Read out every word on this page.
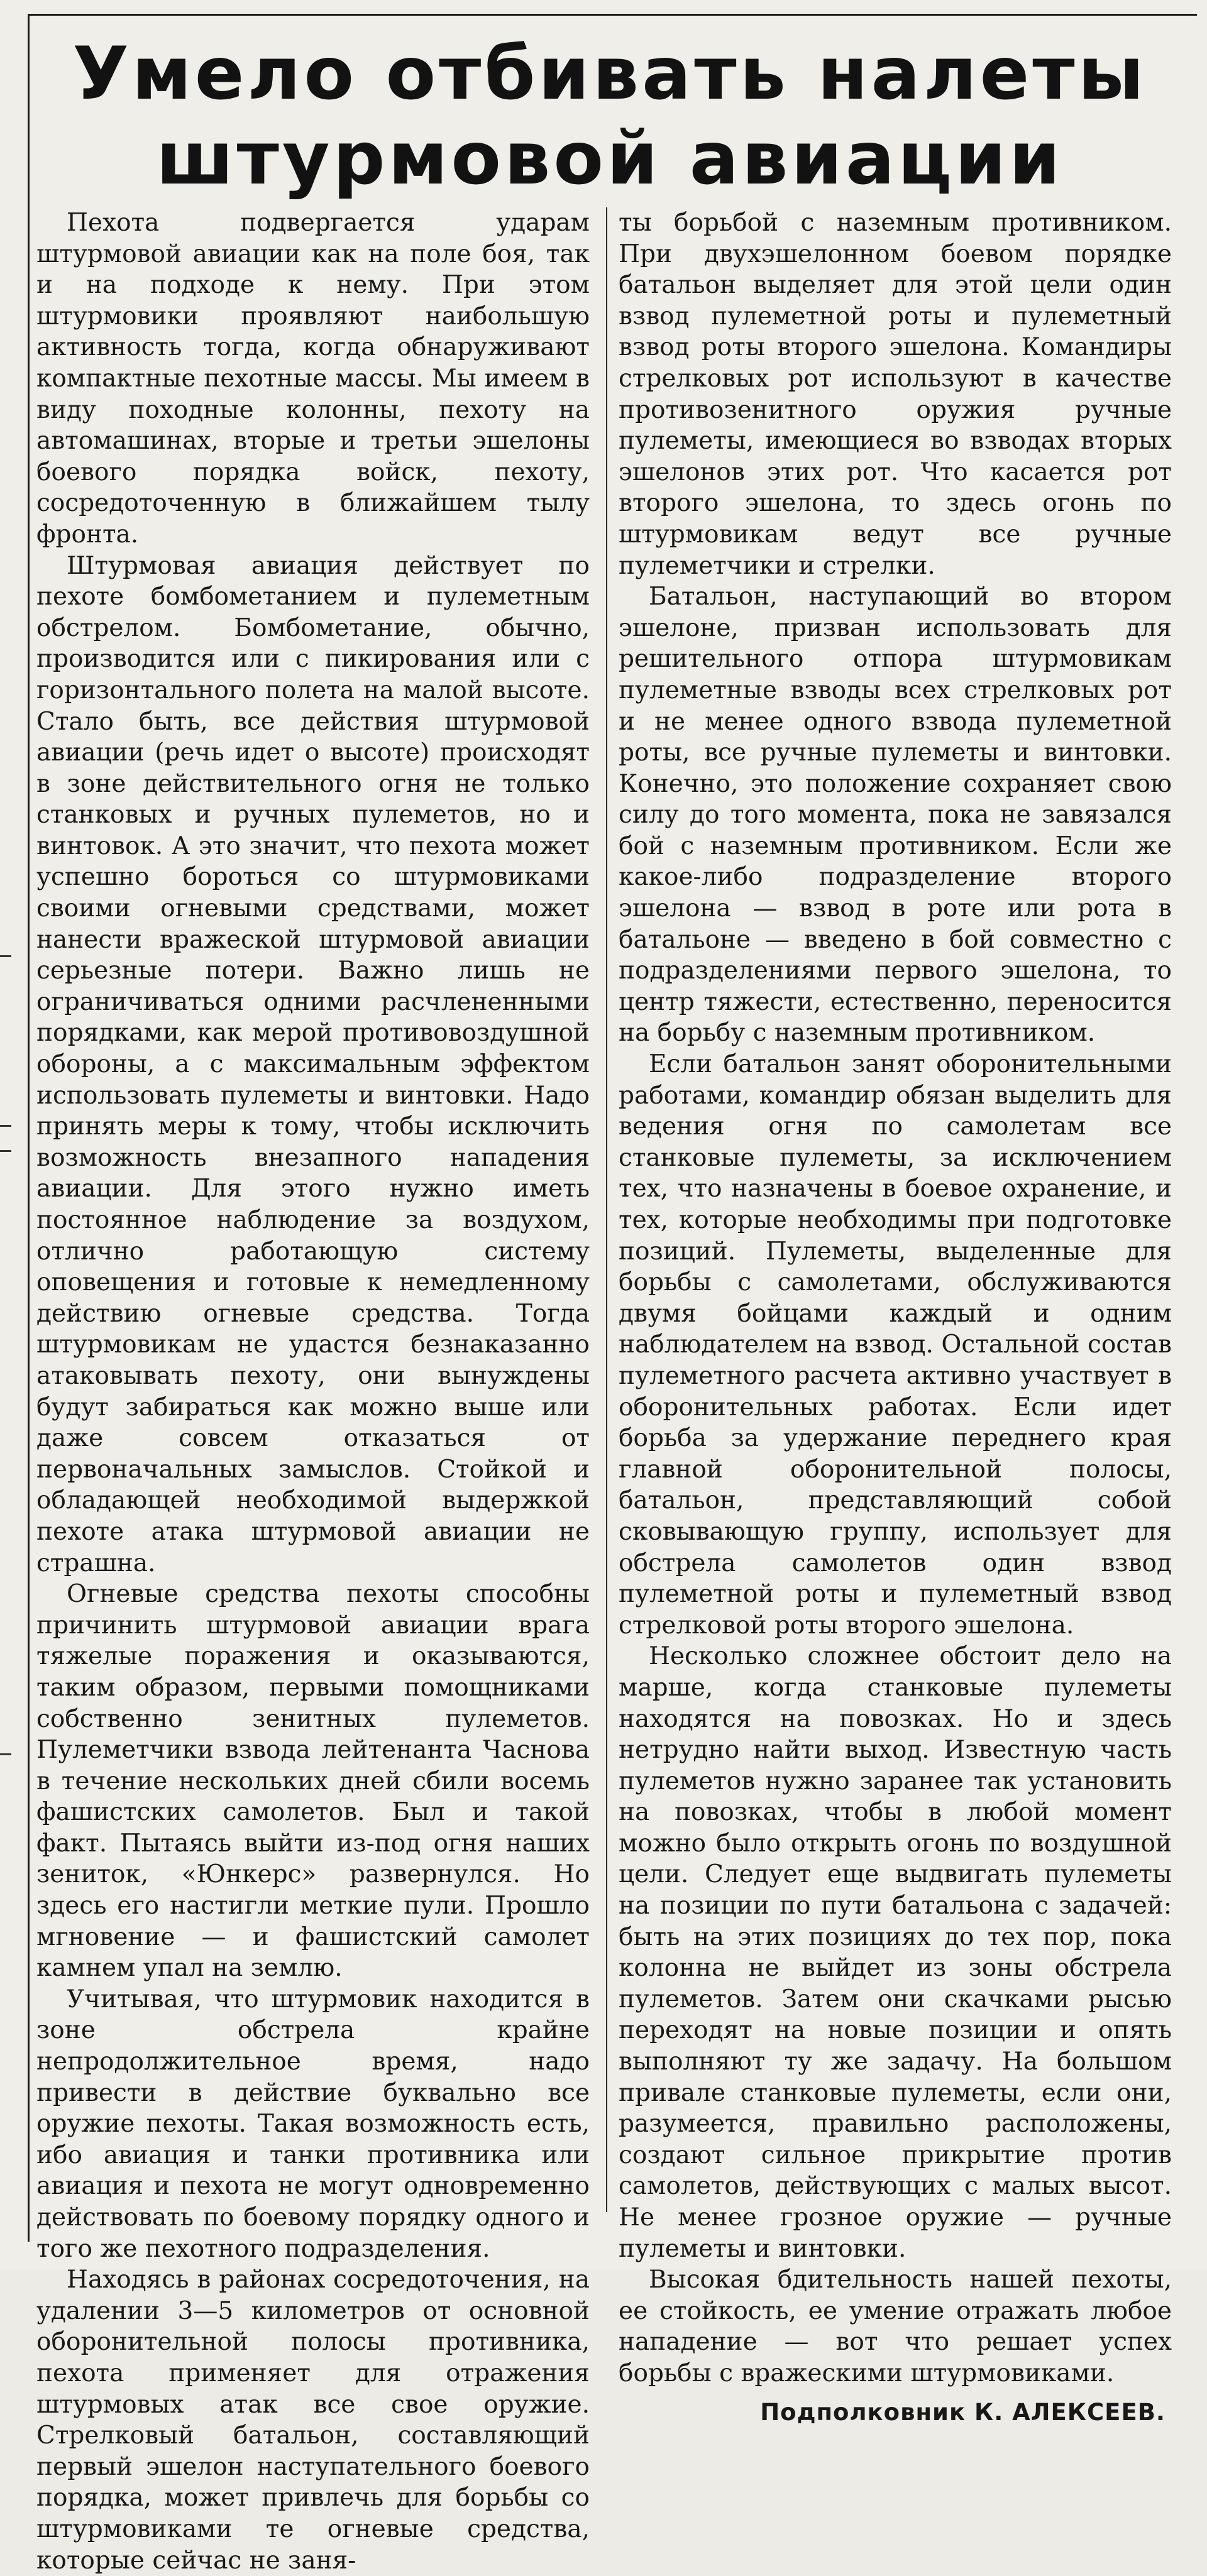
Умело отбивать налеты штурмовой авиации

Пехота подвергается ударам штурмовой авиации как на поле боя, так и на подходе к нему. При этом штурмовики проявляют наибольшую активность тогда, когда обнаруживают компактные пехотные массы. Мы имеем в виду походные колонны, пехоту на автомашинах, вторые и третьи эшелоны боевого порядка войск, пехоту, сосредоточенную в ближайшем тылу фронта.

Штурмовая авиация действует по пехоте бомбометанием и пулеметным обстрелом. Бомбометание, обычно, производится или с пикирования или с горизонтального полета на малой высоте. Стало быть, все действия штурмовой авиации (речь идет о высоте) происходят в зоне действительного огня не только станковых и ручных пулеметов, но и винтовок. А это значит, что пехота может успешно бороться со штурмовиками своими огневыми средствами, может нанести вражеской штурмовой авиации серьезные потери. Важно лишь не ограничиваться одними расчлененными порядками, как мерой противовоздушной обороны, а с максимальным эффектом использовать пулеметы и винтовки. Надо принять меры к тому, чтобы исключить возможность внезапного нападения авиации. Для этого нужно иметь постоянное наблюдение за воздухом, отлично работающую систему оповещения и готовые к немедленному действию огневые средства. Тогда штурмовикам не удастся безнаказанно атаковывать пехоту, они вынуждены будут забираться как можно выше или даже совсем отказаться от первоначальных замыслов. Стойкой и обладающей необходимой выдержкой пехоте атака штурмовой авиации не страшна.

Огневые средства пехоты способны причинить штурмовой авиации врага тяжелые поражения и оказываются, таким образом, первыми помощниками собственно зенитных пулеметов. Пулеметчики взвода лейтенанта Часнова в течение нескольких дней сбили восемь фашистских самолетов. Был и такой факт. Пытаясь выйти из-под огня наших зениток, «Юнкерс» развернулся. Но здесь его настигли меткие пули. Прошло мгновение — и фашистский самолет камнем упал на землю.

Учитывая, что штурмовик находится в зоне обстрела крайне непродолжительное время, надо привести в действие буквально все оружие пехоты. Такая возможность есть, ибо авиация и танки противника или авиация и пехота не могут одновременно действовать по боевому порядку одного и того же пехотного подразделения.

Находясь в районах сосредоточения, на удалении 3—5 километров от основной оборонительной полосы противника, пехота применяет для отражения штурмовых атак все свое оружие. Стрелковый батальон, составляющий первый эшелон наступательного боевого порядка, может привлечь для борьбы со штурмовиками те огневые средства, которые сейчас не заня-

ты борьбой с наземным противником. При двухэшелонном боевом порядке батальон выделяет для этой цели один взвод пулеметной роты и пулеметный взвод роты второго эшелона. Командиры стрелковых рот используют в качестве противозенитного оружия ручные пулеметы, имеющиеся во взводах вторых эшелонов этих рот. Что касается рот второго эшелона, то здесь огонь по штурмовикам ведут все ручные пулеметчики и стрелки.

Батальон, наступающий во втором эшелоне, призван использовать для решительного отпора штурмовикам пулеметные взводы всех стрелковых рот и не менее одного взвода пулеметной роты, все ручные пулеметы и винтовки. Конечно, это положение сохраняет свою силу до того момента, пока не завязался бой с наземным противником. Если же какое-либо подразделение второго эшелона — взвод в роте или рота в батальоне — введено в бой совместно с подразделениями первого эшелона, то центр тяжести, естественно, переносится на борьбу с наземным противником.

Если батальон занят оборонительными работами, командир обязан выделить для ведения огня по самолетам все станковые пулеметы, за исключением тех, что назначены в боевое охранение, и тех, которые необходимы при подготовке позиций. Пулеметы, выделенные для борьбы с самолетами, обслуживаются двумя бойцами каждый и одним наблюдателем на взвод. Остальной состав пулеметного расчета активно участвует в оборонительных работах. Если идет борьба за удержание переднего края главной оборонительной полосы, батальон, представляющий собой сковывающую группу, использует для обстрела самолетов один взвод пулеметной роты и пулеметный взвод стрелковой роты второго эшелона.

Несколько сложнее обстоит дело на марше, когда станковые пулеметы находятся на повозках. Но и здесь нетрудно найти выход. Известную часть пулеметов нужно заранее так установить на повозках, чтобы в любой момент можно было открыть огонь по воздушной цели. Следует еще выдвигать пулеметы на позиции по пути батальона с задачей: быть на этих позициях до тех пор, пока колонна не выйдет из зоны обстрела пулеметов. Затем они скачками рысью переходят на новые позиции и опять выполняют ту же задачу. На большом привале станковые пулеметы, если они, разумеется, правильно расположены, создают сильное прикрытие против самолетов, действующих с малых высот. Не менее грозное оружие — ручные пулеметы и винтовки.

Высокая бдительность нашей пехоты, ее стойкость, ее умение отражать любое нападение — вот что решает успех борьбы с вражескими штурмовиками.

Подполковник К. АЛЕКСЕЕВ.
